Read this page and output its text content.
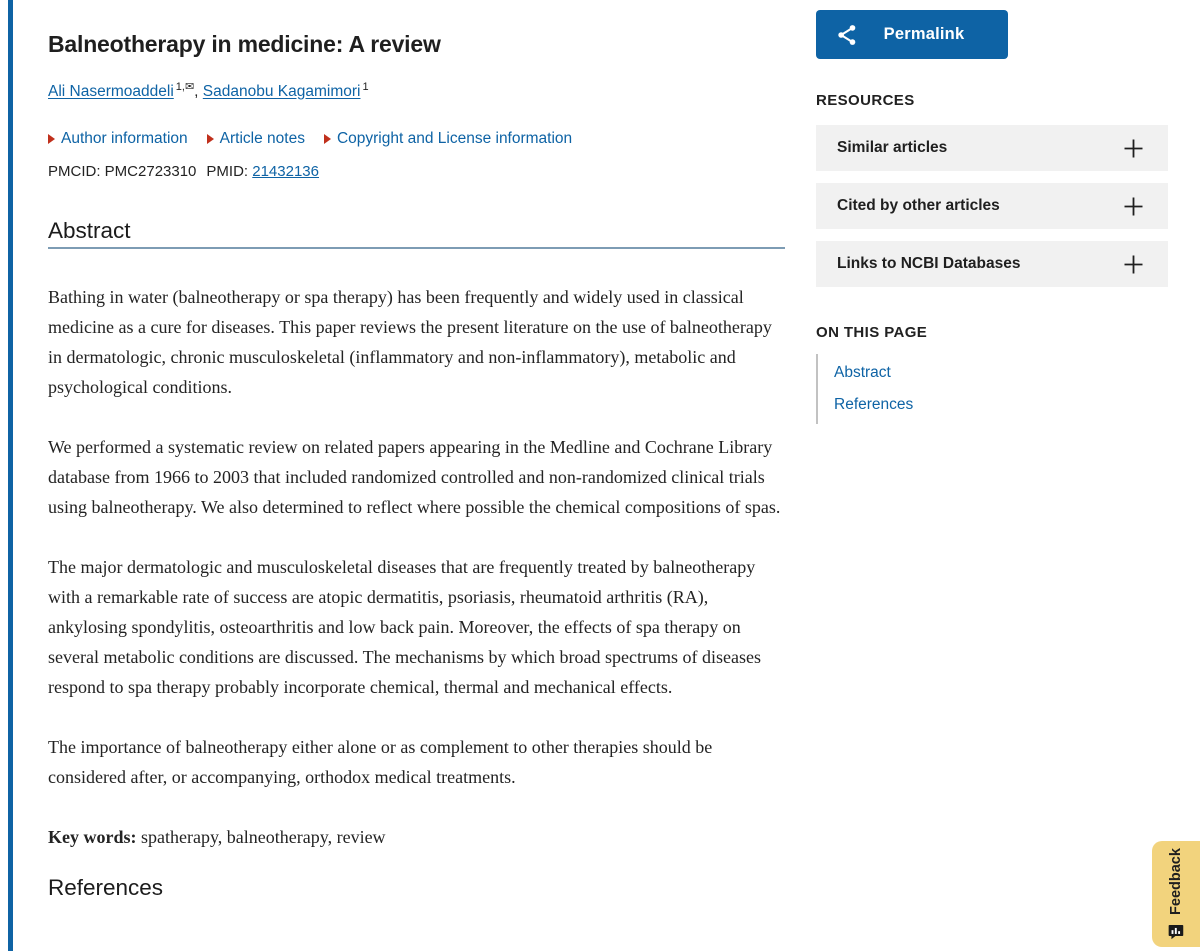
Balneotherapy in medicine: A review
Ali Nasermoaddeli $^{1,✉}$, Sadanobu Kagamimori $^1$
Author information Article notes Copyright and License information
PMCID: PMC2723310 PMID: 21432136
Abstract

Bathing in water (balneotherapy or spa therapy) has been frequently and widely used in classical medicine as a cure for diseases. This paper reviews the present literature on the use of balneotherapy in dermatologic, chronic musculoskeletal (inflammatory and non-inflammatory), metabolic and psychological conditions.

We performed a systematic review on related papers appearing in the Medline and Cochrane Library database from 1966 to 2003 that included randomized controlled and non-randomized clinical trials using balneotherapy. We also determined to reflect where possible the chemical compositions of spas.

The major dermatologic and musculoskeletal diseases that are frequently treated by balneotherapy with a remarkable rate of success are atopic dermatitis, psoriasis, rheumatoid arthritis (RA), ankylosing spondylitis, osteoarthritis and low back pain. Moreover, the effects of spa therapy on several metabolic conditions are discussed. The mechanisms by which broad spectrums of diseases respond to spa therapy probably incorporate chemical, thermal and mechanical effects.

The importance of balneotherapy either alone or as complement to other therapies should be considered after, or accompanying, orthodox medical treatments.

Key words: spatherapy, balneotherapy, review

References
Permalink
RESOURCES
Similar articles
Cited by other articles
Links to NCBI Databases
ON THIS PAGE
Abstract
References
Feedback
